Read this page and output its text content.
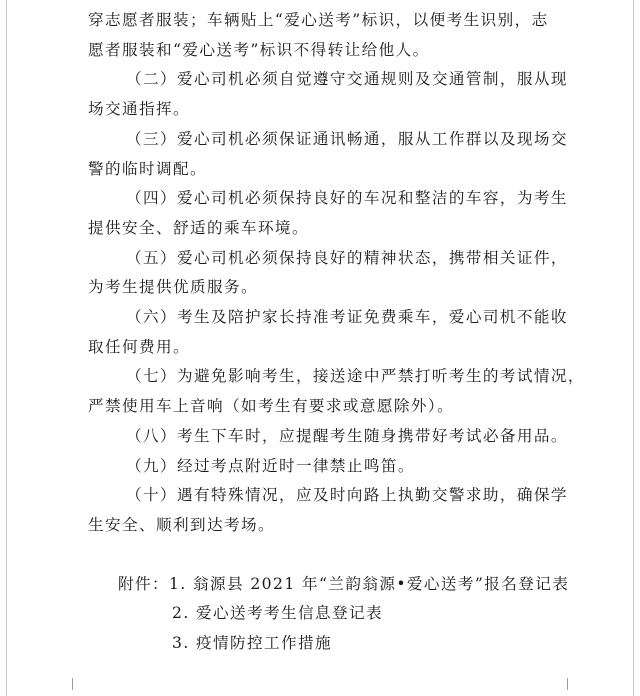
穿志愿者服装；车辆贴上“爱心送考”标识，以便考生识别，志
愿者服装和“爱心送考”标识不得转让给他人。
（二）爱心司机必须自觉遵守交通规则及交通管制，服从现
场交通指挥。
（三）爱心司机必须保证通讯畅通，服从工作群以及现场交
警的临时调配。
（四）爱心司机必须保持良好的车况和整洁的车容，为考生
提供安全、舒适的乘车环境。
（五）爱心司机必须保持良好的精神状态，携带相关证件，
为考生提供优质服务。
（六）考生及陪护家长持准考证免费乘车，爱心司机不能收
取任何费用。
（七）为避免影响考生，接送途中严禁打听考生的考试情况，
严禁使用车上音响（如考生有要求或意愿除外）。
（八）考生下车时，应提醒考生随身携带好考试必备用品。
（九）经过考点附近时一律禁止鸣笛。
（十）遇有特殊情况，应及时向路上执勤交警求助，确保学
生安全、顺利到达考场。
附件：1. 翁源县 2021 年“兰韵翁源•爱心送考”报名登记表
2. 爱心送考考生信息登记表
3. 疫情防控工作措施
